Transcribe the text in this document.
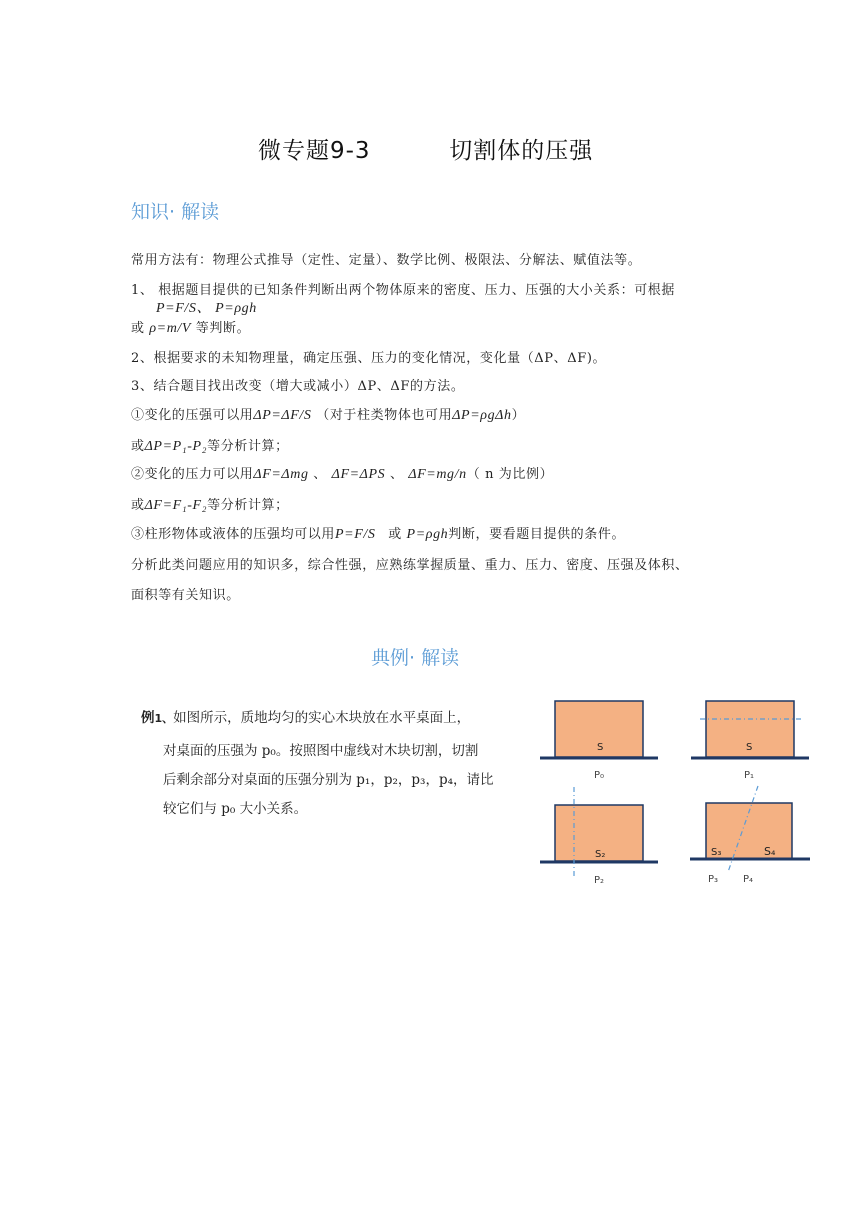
微专题9-3	切割体的压强
知识· 解读
常用方法有：物理公式推导（定性、定量）、数学比例、极限法、分解法、赋值法等。
1、 根据题目提供的已知条件判断出两个物体原来的密度、压力、压强的大小关系：可根据
P=F/S、 P=ρgh
或 ρ=m/V 等判断。
2、根据要求的未知物理量，确定压强、压力的变化情况，变化量（ΔP、ΔF)。
3、结合题目找出改变（增大或减小）ΔP、ΔF的方法。
①变化的压强可以用ΔP=ΔF/S （对于柱类物体也可用ΔP=ρgΔh）
或ΔP=P₁-P₂等分析计算；
②变化的压力可以用ΔF=Δmg 、 ΔF=ΔPS 、 ΔF=mg/n（ n 为比例）
或ΔF=F₁-F₂等分析计算；
③柱形物体或液体的压强均可以用P=F/S 或 P=ρgh判断，要看题目提供的条件。
分析此类问题应用的知识多，综合性强，应熟练掌握质量、重力、压力、密度、压强及体积、
面积等有关知识。
典例· 解读
例1、如图所示，质地均匀的实心木块放在水平桌面上，
对桌面的压强为 p₀。按照图中虚线对木块切割，切割
后剩余部分对桌面的压强分别为 p₁，p₂，p₃，p₄，请比
较它们与 p₀ 大小关系。
S
P₀
S
P₁
S₂
P₂
S₃	S₄
P₃ P₄
